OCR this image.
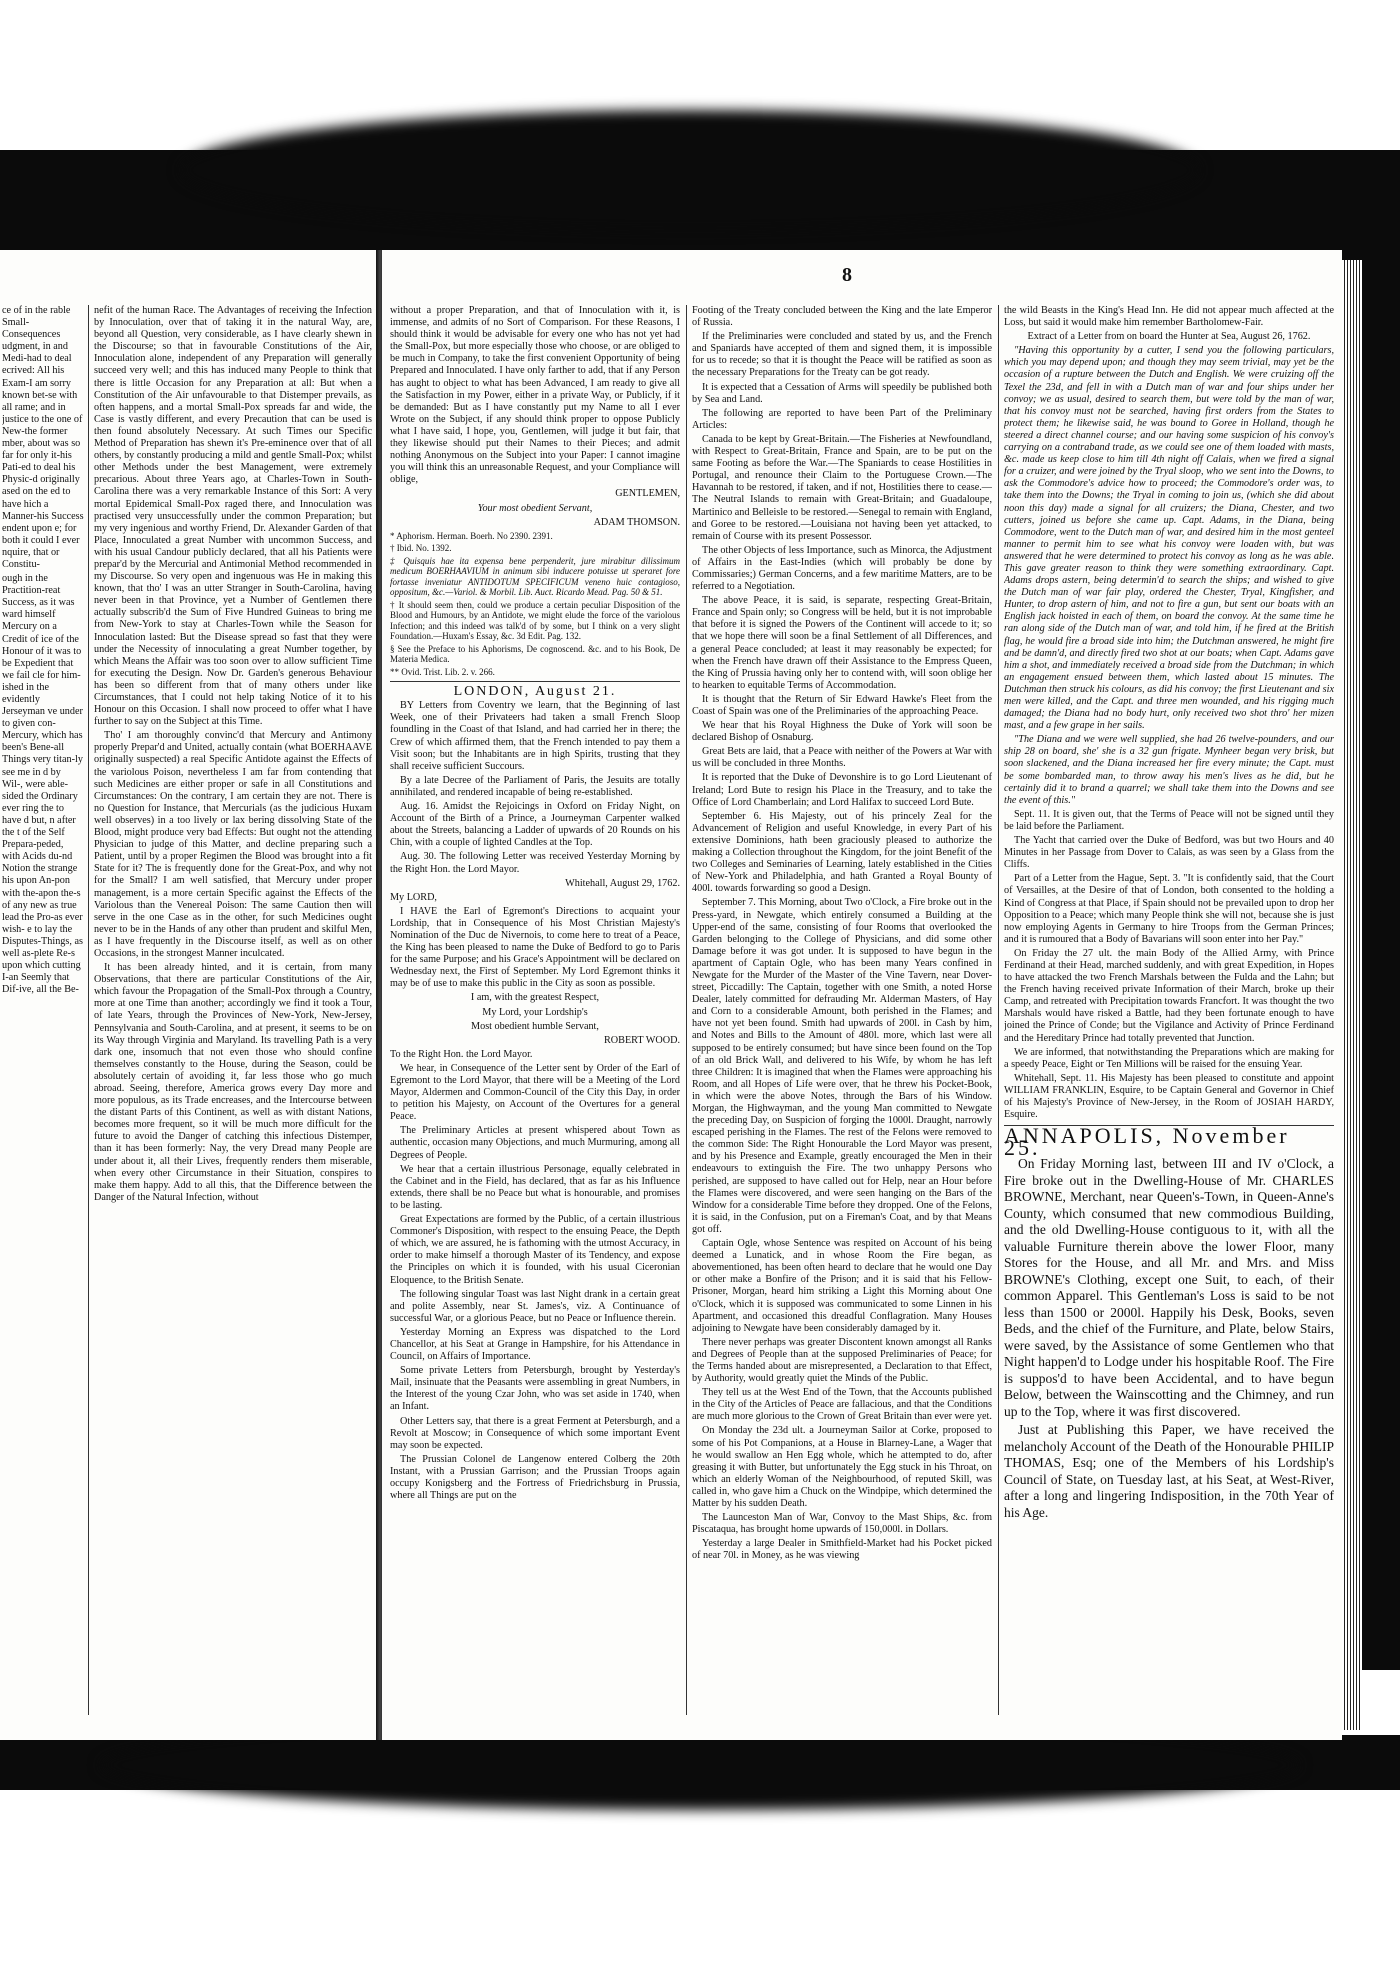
ce of in the rable Small-Consequences udgment, in and Medi-had to deal ecrived: All his Exam-I am sorry known bet-se with all rame; and in justice to the one of New-the former mber, about was so far for only it-his Pati-ed to deal his Physic-d originally ased on the ed to have hich a Manner-his Success endent upon e; for both it could I ever nquire, that or Constitu-

ough in the Practition-reat Success, as it was ward himself Mercury on a Credit of ice of the Honour of it was to be Expedient that we fail cle for him-ished in the evidently Jerseyman ve under to given con-Mercury, which has been's Bene-all Things very titan-ly see me in d by Wil-, were able-sided the Ordinary ever ring the to have d but, n after the t of the Self Prepara-peded, with Acids du-nd Notion the strange his upon An-pon with the-apon the-s of any new as true lead the Pro-as ever wish- e to lay the Disputes-Things, as well as-plete Re-s upon which cutting I-an Seemly that Dif-ive, all the Be-

nefit of the human Race. The Advantages of receiving the Infection by Innoculation, over that of taking it in the natural Way, are, beyond all Question, very considerable, as I have clearly shewn in the Discourse; so that in favourable Constitutions of the Air, Innoculation alone, independent of any Preparation will generally succeed very well; and this has induced many People to think that there is little Occasion for any Preparation at all: But when a Constitution of the Air unfavourable to that Distemper prevails, as often happens, and a mortal Small-Pox spreads far and wide, the Case is vastly different, and every Precaution that can be used is then found absolutely Necessary. At such Times our Specific Method of Preparation has shewn it's Pre-eminence over that of all others, by constantly producing a mild and gentle Small-Pox; whilst other Methods under the best Management, were extremely precarious. About three Years ago, at Charles-Town in South-Carolina there was a very remarkable Instance of this Sort: A very mortal Epidemical Small-Pox raged there, and Innoculation was practised very unsuccessfully under the common Preparation; but my very ingenious and worthy Friend, Dr. Alexander Garden of that Place, Innoculated a great Number with uncommon Success, and with his usual Candour publicly declared, that all his Patients were prepar'd by the Mercurial and Antimonial Method recommended in my Discourse. So very open and ingenuous was He in making this known, that tho' I was an utter Stranger in South-Carolina, having never been in that Province, yet a Number of Gentlemen there actually subscrib'd the Sum of Five Hundred Guineas to bring me from New-York to stay at Charles-Town while the Season for Innoculation lasted: But the Disease spread so fast that they were under the Necessity of innoculating a great Number together, by which Means the Affair was too soon over to allow sufficient Time for executing the Design. Now Dr. Garden's generous Behaviour has been so different from that of many others under like Circumstances, that I could not help taking Notice of it to his Honour on this Occasion. I shall now proceed to offer what I have further to say on the Subject at this Time.

Tho' I am thoroughly convinc'd that Mercury and Antimony properly Prepar'd and United, actually contain (what BOERHAAVE originally suspected) a real Specific Antidote against the Effects of the variolous Poison, nevertheless I am far from contending that such Medicines are either proper or safe in all Constitutions and Circumstances: On the contrary, I am certain they are not. There is no Question for Instance, that Mercurials (as the judicious Huxam well observes) in a too lively or lax bering dissolving State of the Blood, might produce very bad Effects: But ought not the attending Physician to judge of this Matter, and decline preparing such a Patient, until by a proper Regimen the Blood was brought into a fit State for it? The is frequently done for the Great-Pox, and why not for the Small? I am well satisfied, that Mercury under proper management, is a more certain Specific against the Effects of the Variolous than the Venereal Poison: The same Caution then will serve in the one Case as in the other, for such Medicines ought never to be in the Hands of any other than prudent and skilful Men, as I have frequently in the Discourse itself, as well as on other Occasions, in the strongest Manner inculcated.

It has been already hinted, and it is certain, from many Observations, that there are particular Constitutions of the Air, which favour the Propagation of the Small-Pox through a Country, more at one Time than another; accordingly we find it took a Tour, of late Years, through the Provinces of New-York, New-Jersey, Pennsylvania and South-Carolina, and at present, it seems to be on its Way through Virginia and Maryland. Its travelling Path is a very dark one, insomuch that not even those who should confine themselves constantly to the House, during the Season, could be absolutely certain of avoiding it, far less those who go much abroad. Seeing, therefore, America grows every Day more and more populous, as its Trade encreases, and the Intercourse between the distant Parts of this Continent, as well as with distant Nations, becomes more frequent, so it will be much more difficult for the future to avoid the Danger of catching this infectious Distemper, than it has been formerly: Nay, the very Dread many People are under about it, all their Lives, frequently renders them miserable, when every other Circumstance in their Situation, conspires to make them happy. Add to all this, that the Difference between the Danger of the Natural Infection, without

8

without a proper Preparation, and that of Innoculation with it, is immense, and admits of no Sort of Comparison. For these Reasons, I should think it would be advisable for every one who has not yet had the Small-Pox, but more especially those who choose, or are obliged to be much in Company, to take the first convenient Opportunity of being Prepared and Innoculated. I have only farther to add, that if any Person has aught to object to what has been Advanced, I am ready to give all the Satisfaction in my Power, either in a private Way, or Publicly, if it be demanded: But as I have constantly put my Name to all I ever Wrote on the Subject, if any should think proper to oppose Publicly what I have said, I hope, you, Gentlemen, will judge it but fair, that they likewise should put their Names to their Pieces; and admit nothing Anonymous on the Subject into your Paper: I cannot imagine you will think this an unreasonable Request, and your Compliance will oblige,

GENTLEMEN,

Your most obedient Servant,

ADAM THOMSON.

* Aphorism. Herman. Boerh. No 2390. 2391.

† Ibid. No. 1392.

‡ Quisquis hae ita expensa bene perpenderit, jure mirabitur dilissimum medicum BOERHAAVIUM in animum sibi inducere potuisse ut speraret fore fortasse inveniatur ANTIDOTUM SPECIFICUM veneno huic contagioso, oppositum, &c.—Variol. & Morbil. Lib. Auct. Ricardo Mead. Pag. 50 & 51.

† It should seem then, could we produce a certain peculiar Disposition of the Blood and Humours, by an Antidote, we might elude the force of the variolous Infection; and this indeed was talk'd of by some, but I think on a very slight Foundation.—Huxam's Essay, &c. 3d Edit. Pag. 132.

§ See the Preface to his Aphorisms, De cognoscend. &c. and to his Book, De Materia Medica.

** Ovid. Trist. Lib. 2. v. 266.

LONDON, August 21.

BY Letters from Coventry we learn, that the Beginning of last Week, one of their Privateers had taken a small French Sloop foundling in the Coast of that Island, and had carried her in there; the Crew of which affirmed them, that the French intended to pay them a Visit soon; but the Inhabitants are in high Spirits, trusting that they shall receive sufficient Succours.

By a late Decree of the Parliament of Paris, the Jesuits are totally annihilated, and rendered incapable of being re-established.

Aug. 16. Amidst the Rejoicings in Oxford on Friday Night, on Account of the Birth of a Prince, a Journeyman Carpenter walked about the Streets, balancing a Ladder of upwards of 20 Rounds on his Chin, with a couple of lighted Candles at the Top.

Aug. 30. The following Letter was received Yesterday Morning by the Right Hon. the Lord Mayor.

Whitehall, August 29, 1762.

My LORD,

I HAVE the Earl of Egremont's Directions to acquaint your Lordship, that in Consequence of his Most Christian Majesty's Nomination of the Duc de Nivernois, to come here to treat of a Peace, the King has been pleased to name the Duke of Bedford to go to Paris for the same Purpose; and his Grace's Appointment will be declared on Wednesday next, the First of September. My Lord Egremont thinks it may be of use to make this public in the City as soon as possible.

I am, with the greatest Respect,

My Lord, your Lordship's

Most obedient humble Servant,

ROBERT WOOD.

To the Right Hon. the Lord Mayor.

We hear, in Consequence of the Letter sent by Order of the Earl of Egremont to the Lord Mayor, that there will be a Meeting of the Lord Mayor, Aldermen and Common-Council of the City this Day, in order to petition his Majesty, on Account of the Overtures for a general Peace.

The Preliminary Articles at present whispered about Town as authentic, occasion many Objections, and much Murmuring, among all Degrees of People.

We hear that a certain illustrious Personage, equally celebrated in the Cabinet and in the Field, has declared, that as far as his Influence extends, there shall be no Peace but what is honourable, and promises to be lasting.

Great Expectations are formed by the Public, of a certain illustrious Commoner's Disposition, with respect to the ensuing Peace, the Depth of which, we are assured, he is fathoming with the utmost Accuracy, in order to make himself a thorough Master of its Tendency, and expose the Principles on which it is founded, with his usual Ciceronian Eloquence, to the British Senate.

The following singular Toast was last Night drank in a certain great and polite Assembly, near St. James's, viz. A Continuance of successful War, or a glorious Peace, but no Peace or Influence therein.

Yesterday Morning an Express was dispatched to the Lord Chancellor, at his Seat at Grange in Hampshire, for his Attendance in Council, on Affairs of Importance.

Some private Letters from Petersburgh, brought by Yesterday's Mail, insinuate that the Peasants were assembling in great Numbers, in the Interest of the young Czar John, who was set aside in 1740, when an Infant.

Other Letters say, that there is a great Ferment at Petersburgh, and a Revolt at Moscow; in Consequence of which some important Event may soon be expected.

The Prussian Colonel de Langenow entered Colberg the 20th Instant, with a Prussian Garrison; and the Prussian Troops again occupy Konigsberg and the Fortress of Friedrichsburg in Prussia, where all Things are put on the

Footing of the Treaty concluded between the King and the late Emperor of Russia.

If the Preliminaries were concluded and stated by us, and the French and Spaniards have accepted of them and signed them, it is impossible for us to recede; so that it is thought the Peace will be ratified as soon as the necessary Preparations for the Treaty can be got ready.

It is expected that a Cessation of Arms will speedily be published both by Sea and Land.

The following are reported to have been Part of the Preliminary Articles:

Canada to be kept by Great-Britain.—The Fisheries at Newfoundland, with Respect to Great-Britain, France and Spain, are to be put on the same Footing as before the War.—The Spaniards to cease Hostilities in Portugal, and renounce their Claim to the Portuguese Crown.—The Havannah to be restored, if taken, and if not, Hostilities there to cease.—The Neutral Islands to remain with Great-Britain; and Guadaloupe, Martinico and Belleisle to be restored.—Senegal to remain with England, and Goree to be restored.—Louisiana not having been yet attacked, to remain of Course with its present Possessor.

The other Objects of less Importance, such as Minorca, the Adjustment of Affairs in the East-Indies (which will probably be done by Commissaries;) German Concerns, and a few maritime Matters, are to be referred to a Negotiation.

The above Peace, it is said, is separate, respecting Great-Britain, France and Spain only; so Congress will be held, but it is not improbable that before it is signed the Powers of the Continent will accede to it; so that we hope there will soon be a final Settlement of all Differences, and a general Peace concluded; at least it may reasonably be expected; for when the French have drawn off their Assistance to the Empress Queen, the King of Prussia having only her to contend with, will soon oblige her to hearken to equitable Terms of Accommodation.

It is thought that the Return of Sir Edward Hawke's Fleet from the Coast of Spain was one of the Preliminaries of the approaching Peace.

We hear that his Royal Highness the Duke of York will soon be declared Bishop of Osnaburg.

Great Bets are laid, that a Peace with neither of the Powers at War with us will be concluded in three Months.

It is reported that the Duke of Devonshire is to go Lord Lieutenant of Ireland; Lord Bute to resign his Place in the Treasury, and to take the Office of Lord Chamberlain; and Lord Halifax to succeed Lord Bute.

September 6. His Majesty, out of his princely Zeal for the Advancement of Religion and useful Knowledge, in every Part of his extensive Dominions, hath been graciously pleased to authorize the making a Collection throughout the Kingdom, for the joint Benefit of the two Colleges and Seminaries of Learning, lately established in the Cities of New-York and Philadelphia, and hath Granted a Royal Bounty of 400l. towards forwarding so good a Design.

September 7. This Morning, about Two o'Clock, a Fire broke out in the Press-yard, in Newgate, which entirely consumed a Building at the Upper-end of the same, consisting of four Rooms that overlooked the Garden belonging to the College of Physicians, and did some other Damage before it was got under. It is supposed to have begun in the apartment of Captain Ogle, who has been many Years confined in Newgate for the Murder of the Master of the Vine Tavern, near Dover-street, Piccadilly: The Captain, together with one Smith, a noted Horse Dealer, lately committed for defrauding Mr. Alderman Masters, of Hay and Corn to a considerable Amount, both perished in the Flames; and have not yet been found. Smith had upwards of 200l. in Cash by him, and Notes and Bills to the Amount of 480l. more, which last were all supposed to be entirely consumed; but have since been found on the Top of an old Brick Wall, and delivered to his Wife, by whom he has left three Children: It is imagined that when the Flames were approaching his Room, and all Hopes of Life were over, that he threw his Pocket-Book, in which were the above Notes, through the Bars of his Window. Morgan, the Highwayman, and the young Man committed to Newgate the preceding Day, on Suspicion of forging the 1000l. Draught, narrowly escaped perishing in the Flames. The rest of the Felons were removed to the common Side: The Right Honourable the Lord Mayor was present, and by his Presence and Example, greatly encouraged the Men in their endeavours to extinguish the Fire. The two unhappy Persons who perished, are supposed to have called out for Help, near an Hour before the Flames were discovered, and were seen hanging on the Bars of the Window for a considerable Time before they dropped. One of the Felons, it is said, in the Confusion, put on a Fireman's Coat, and by that Means got off.

Captain Ogle, whose Sentence was respited on Account of his being deemed a Lunatick, and in whose Room the Fire began, as abovementioned, has been often heard to declare that he would one Day or other make a Bonfire of the Prison; and it is said that his Fellow-Prisoner, Morgan, heard him striking a Light this Morning about One o'Clock, which it is supposed was communicated to some Linnen in his Apartment, and occasioned this dreadful Conflagration. Many Houses adjoining to Newgate have been considerably damaged by it.

There never perhaps was greater Discontent known amongst all Ranks and Degrees of People than at the supposed Preliminaries of Peace; for the Terms handed about are misrepresented, a Declaration to that Effect, by Authority, would greatly quiet the Minds of the Public.

They tell us at the West End of the Town, that the Accounts published in the City of the Articles of Peace are fallacious, and that the Conditions are much more glorious to the Crown of Great Britain than ever were yet.

On Monday the 23d ult. a Journeyman Sailor at Corke, proposed to some of his Pot Companions, at a House in Blarney-Lane, a Wager that he would swallow an Hen Egg whole, which he attempted to do, after greasing it with Butter, but unfortunately the Egg stuck in his Throat, on which an elderly Woman of the Neighbourhood, of reputed Skill, was called in, who gave him a Chuck on the Windpipe, which determined the Matter by his sudden Death.

The Launceston Man of War, Convoy to the Mast Ships, &c. from Piscataqua, has brought home upwards of 150,000l. in Dollars.

Yesterday a large Dealer in Smithfield-Market had his Pocket picked of near 70l. in Money, as he was viewing

the wild Beasts in the King's Head Inn. He did not appear much affected at the Loss, but said it would make him remember Bartholomew-Fair.

Extract of a Letter from on board the Hunter at Sea, August 26, 1762.

"Having this opportunity by a cutter, I send you the following particulars, which you may depend upon; and though they may seem trivial, may yet be the occasion of a rupture between the Dutch and English. We were cruizing off the Texel the 23d, and fell in with a Dutch man of war and four ships under her convoy; we as usual, desired to search them, but were told by the man of war, that his convoy must not be searched, having first orders from the States to protect them; he likewise said, he was bound to Goree in Holland, though he steered a direct channel course; and our having some suspicion of his convoy's carrying on a contraband trade, as we could see one of them loaded with masts, &c. made us keep close to him till 4th night off Calais, when we fired a signal for a cruizer, and were joined by the Tryal sloop, who we sent into the Downs, to ask the Commodore's advice how to proceed; the Commodore's order was, to take them into the Downs; the Tryal in coming to join us, (which she did about noon this day) made a signal for all cruizers; the Diana, Chester, and two cutters, joined us before she came up. Capt. Adams, in the Diana, being Commodore, went to the Dutch man of war, and desired him in the most genteel manner to permit him to see what his convoy were loaden with, but was answered that he were determined to protect his convoy as long as he was able. This gave greater reason to think they were something extraordinary. Capt. Adams drops astern, being determin'd to search the ships; and wished to give the Dutch man of war fair play, ordered the Chester, Tryal, Kingfisher, and Hunter, to drop astern of him, and not to fire a gun, but sent our boats with an English jack hoisted in each of them, on board the convoy. At the same time he ran along side of the Dutch man of war, and told him, if he fired at the British flag, he would fire a broad side into him; the Dutchman answered, he might fire and be damn'd, and directly fired two shot at our boats; when Capt. Adams gave him a shot, and immediately received a broad side from the Dutchman; in which an engagement ensued between them, which lasted about 15 minutes. The Dutchman then struck his colours, as did his convoy; the first Lieutenant and six men were killed, and the Capt. and three men wounded, and his rigging much damaged; the Diana had no body hurt, only received two shot thro' her mizen mast, and a few grape in her sails.

"The Diana and we were well supplied, she had 26 twelve-pounders, and our ship 28 on board, she' she is a 32 gun frigate. Mynheer began very brisk, but soon slackened, and the Diana increased her fire every minute; the Capt. must be some bombarded man, to throw away his men's lives as he did, but he certainly did it to brand a quarrel; we shall take them into the Downs and see the event of this."

Sept. 11. It is given out, that the Terms of Peace will not be signed until they be laid before the Parliament.

The Yacht that carried over the Duke of Bedford, was but two Hours and 40 Minutes in her Passage from Dover to Calais, as was seen by a Glass from the Cliffs.

Part of a Letter from the Hague, Sept. 3. "It is confidently said, that the Court of Versailles, at the Desire of that of London, both consented to the holding a Kind of Congress at that Place, if Spain should not be prevailed upon to drop her Opposition to a Peace; which many People think she will not, because she is just now employing Agents in Germany to hire Troops from the German Princes; and it is rumoured that a Body of Bavarians will soon enter into her Pay."

On Friday the 27 ult. the main Body of the Allied Army, with Prince Ferdinand at their Head, marched suddenly, and with great Expedition, in Hopes to have attacked the two French Marshals between the Fulda and the Lahn; but the French having received private Information of their March, broke up their Camp, and retreated with Precipitation towards Francfort. It was thought the two Marshals would have risked a Battle, had they been fortunate enough to have joined the Prince of Conde; but the Vigilance and Activity of Prince Ferdinand and the Hereditary Prince had totally prevented that Junction.

We are informed, that notwithstanding the Preparations which are making for a speedy Peace, Eight or Ten Millions will be raised for the ensuing Year.

Whitehall, Sept. 11. His Majesty has been pleased to constitute and appoint WILLIAM FRANKLIN, Esquire, to be Captain General and Governor in Chief of his Majesty's Province of New-Jersey, in the Room of JOSIAH HARDY, Esquire.

ANNAPOLIS, November 25.

On Friday Morning last, between III and IV o'Clock, a Fire broke out in the Dwelling-House of Mr. CHARLES BROWNE, Merchant, near Queen's-Town, in Queen-Anne's County, which consumed that new commodious Building, and the old Dwelling-House contiguous to it, with all the valuable Furniture therein above the lower Floor, many Stores for the House, and all Mr. and Mrs. and Miss BROWNE's Clothing, except one Suit, to each, of their common Apparel. This Gentleman's Loss is said to be not less than 1500 or 2000l. Happily his Desk, Books, seven Beds, and the chief of the Furniture, and Plate, below Stairs, were saved, by the Assistance of some Gentlemen who that Night happen'd to Lodge under his hospitable Roof. The Fire is suppos'd to have been Accidental, and to have begun Below, between the Wainscotting and the Chimney, and run up to the Top, where it was first discovered.

Just at Publishing this Paper, we have received the melancholy Account of the Death of the Honourable PHILIP THOMAS, Esq; one of the Members of his Lordship's Council of State, on Tuesday last, at his Seat, at West-River, after a long and lingering Indisposition, in the 70th Year of his Age.
